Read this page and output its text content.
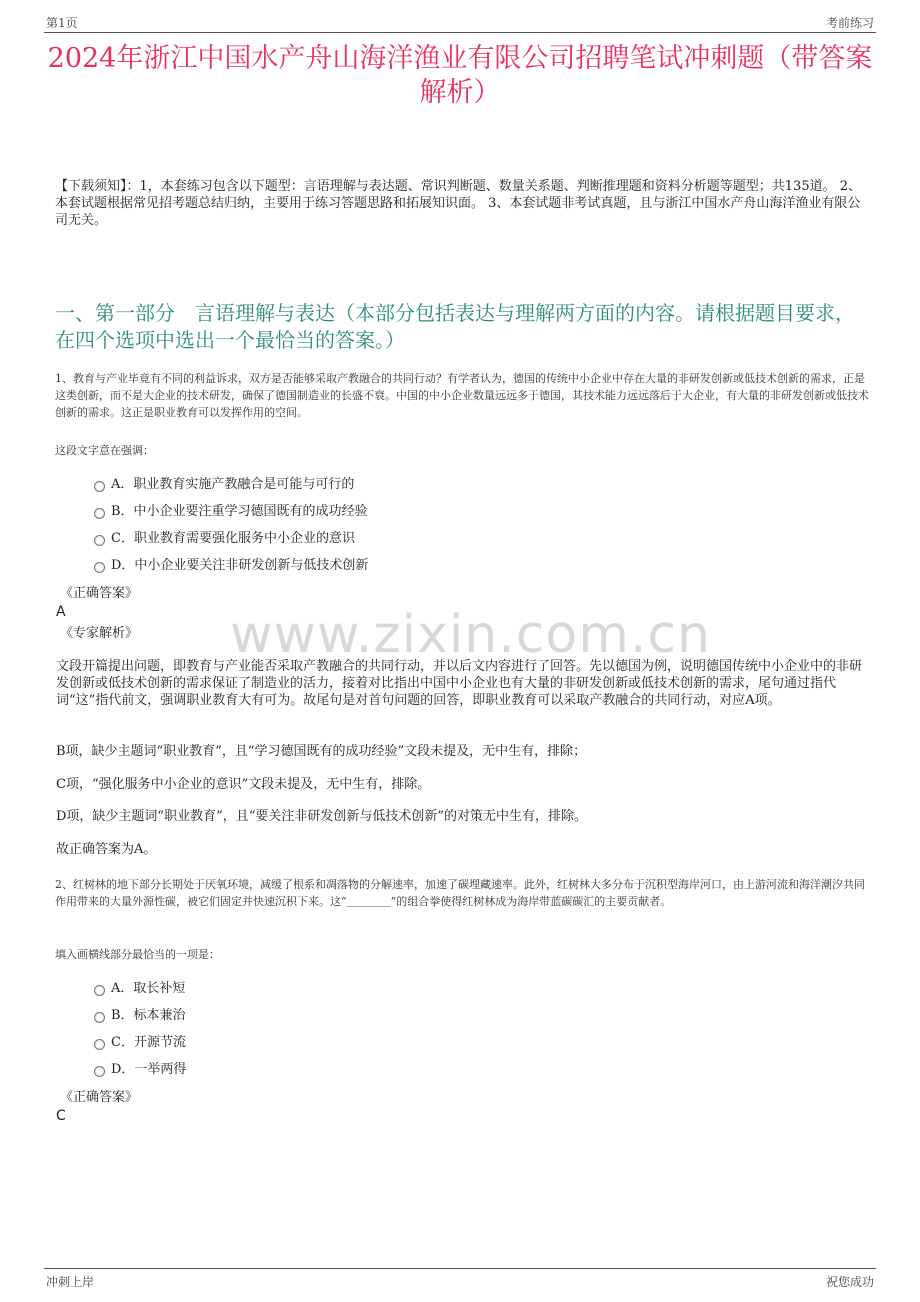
第1页	考前练习
2024年浙江中国水产舟山海洋渔业有限公司招聘笔试冲刺题（带答案解析）
【下载须知】：1，本套练习包含以下题型：言语理解与表达题、常识判断题、数量关系题、判断推理题和资料分析题等题型；共135道。 2、本套试题根据常见招考题总结归纳，主要用于练习答题思路和拓展知识面。 3、本套试题非考试真题，且与浙江中国水产舟山海洋渔业有限公司无关。
一、第一部分　言语理解与表达（本部分包括表达与理解两方面的内容。请根据题目要求，在四个选项中选出一个最恰当的答案。）
1、教育与产业毕竟有不同的利益诉求，双方是否能够采取产教融合的共同行动？有学者认为，德国的传统中小企业中存在大量的非研发创新或低技术创新的需求，正是这类创新，而不是大企业的技术研发，确保了德国制造业的长盛不衰。中国的中小企业数量远远多于德国，其技术能力远远落后于大企业，有大量的非研发创新或低技术创新的需求。这正是职业教育可以发挥作用的空间。
这段文字意在强调：
A．职业教育实施产教融合是可能与可行的
B．中小企业要注重学习德国既有的成功经验
C．职业教育需要强化服务中小企业的意识
D．中小企业要关注非研发创新与低技术创新
《正确答案》
A
《专家解析》 www.zixin.com.cn
文段开篇提出问题，即教育与产业能否采取产教融合的共同行动，并以后文内容进行了回答。先以德国为例，说明德国传统中小企业中的非研发创新或低技术创新的需求保证了制造业的活力，接着对比指出中国中小企业也有大量的非研发创新或低技术创新的需求，尾句通过指代词“这”指代前文，强调职业教育大有可为。故尾句是对首句问题的回答，即职业教育可以采取产教融合的共同行动，对应A项。
B项，缺少主题词“职业教育”，且“学习德国既有的成功经验”文段未提及，无中生有，排除；
C项，“强化服务中小企业的意识”文段未提及，无中生有，排除。
D项，缺少主题词“职业教育”，且“要关注非研发创新与低技术创新”的对策无中生有，排除。
故正确答案为A。
2、红树林的地下部分长期处于厌氧环境，减缓了根系和凋落物的分解速率，加速了碳埋藏速率。此外，红树林大多分布于沉积型海岸河口，由上游河流和海洋潮汐共同作用带来的大量外源性碳，被它们固定并快速沉积下来。这“＿＿＿＿”的组合拳使得红树林成为海岸带蓝碳碳汇的主要贡献者。
填入画横线部分最恰当的一项是：
A．取长补短
B．标本兼治
C．开源节流
D．一举两得
《正确答案》
C
冲刺上岸	祝您成功
